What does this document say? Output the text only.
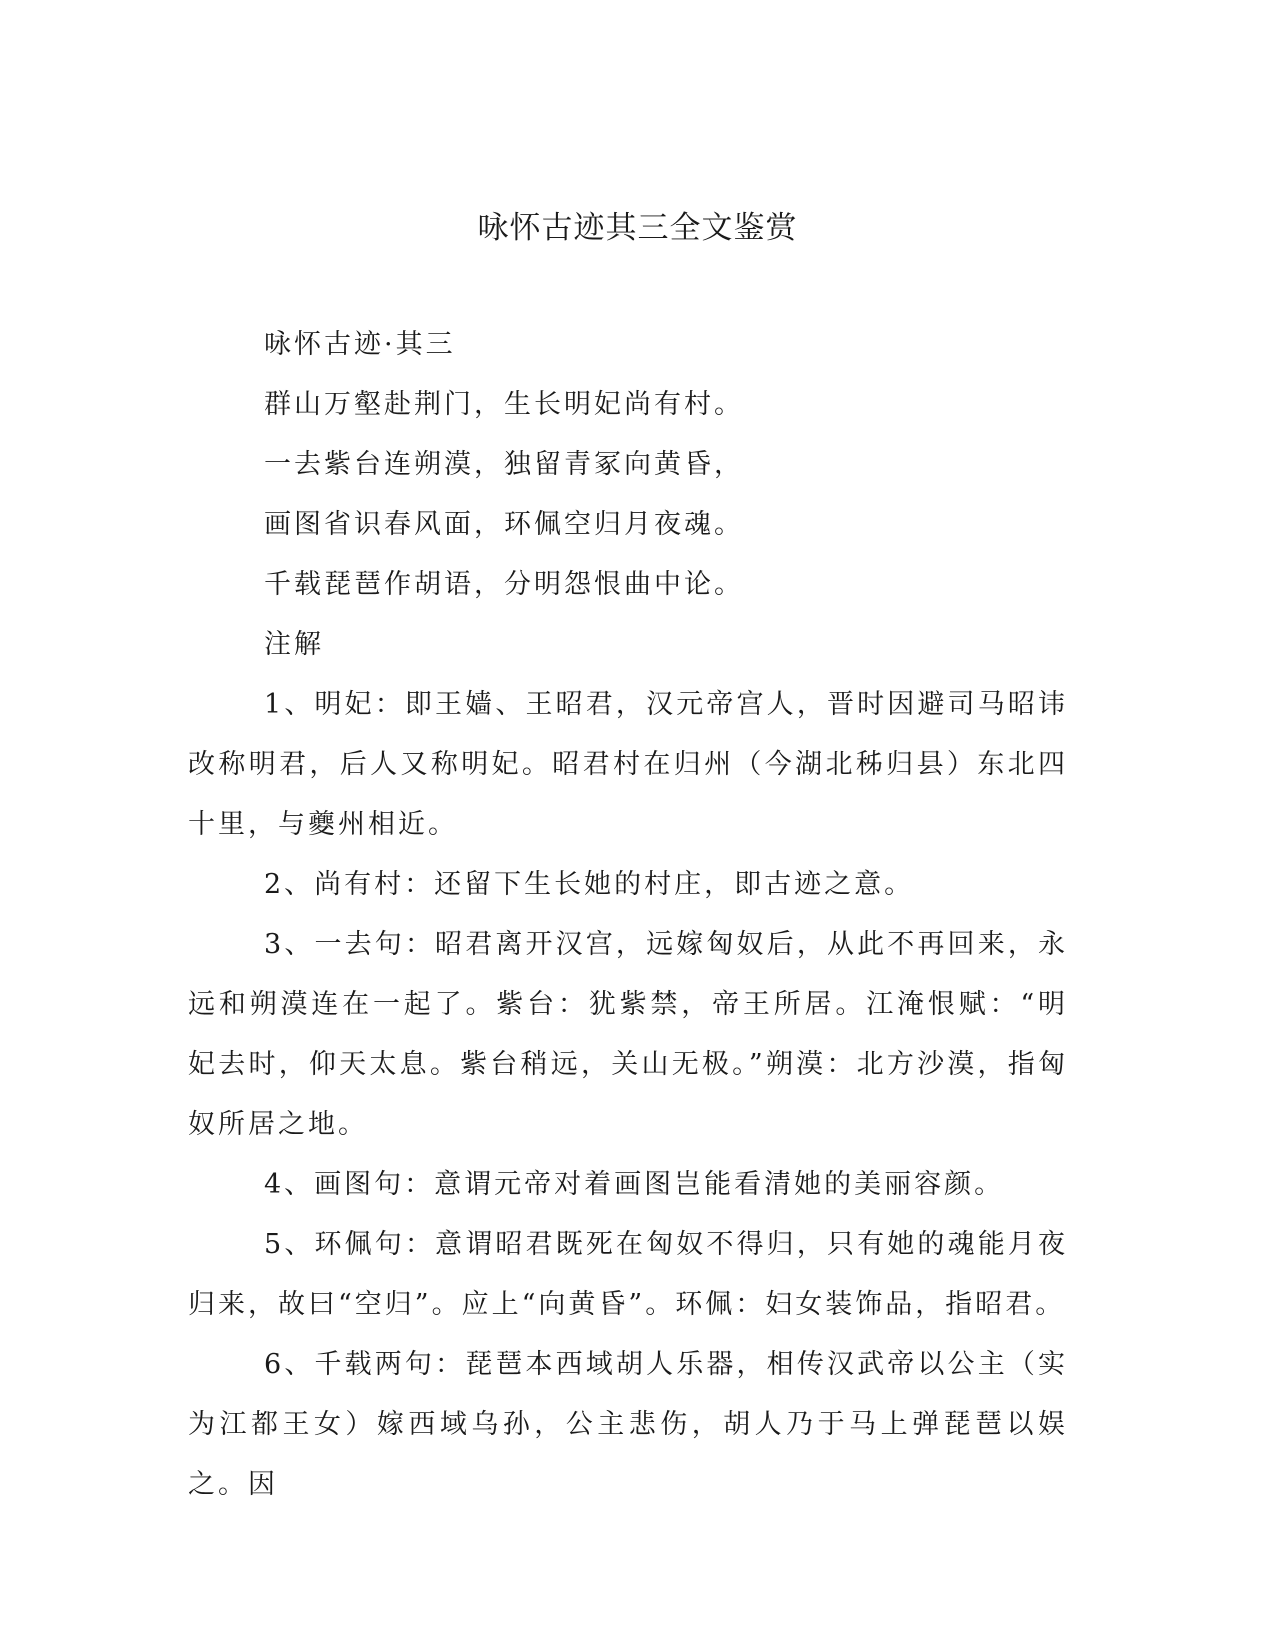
咏怀古迹其三全文鉴赏

咏怀古迹·其三

群山万壑赴荆门，生长明妃尚有村。

一去紫台连朔漠，独留青冢向黄昏，

画图省识春风面，环佩空归月夜魂。

千载琵琶作胡语，分明怨恨曲中论。

注解

1、明妃：即王嫱、王昭君，汉元帝宫人，晋时因避司马昭讳改称明君，后人又称明妃。昭君村在归州（今湖北秭归县）东北四十里，与夔州相近。

2、尚有村：还留下生长她的村庄，即古迹之意。

3、一去句：昭君离开汉宫，远嫁匈奴后，从此不再回来，永远和朔漠连在一起了。紫台：犹紫禁，帝王所居。江淹恨赋：“明妃去时，仰天太息。紫台稍远，关山无极。”朔漠：北方沙漠，指匈奴所居之地。

4、画图句：意谓元帝对着画图岂能看清她的美丽容颜。

5、环佩句：意谓昭君既死在匈奴不得归，只有她的魂能月夜归来，故曰“空归”。应上“向黄昏”。环佩：妇女装饰品，指昭君。

6、千载两句：琵琶本西域胡人乐器，相传汉武帝以公主（实为江都王女）嫁西域乌孙，公主悲伤，胡人乃于马上弹琵琶以娱之。因
